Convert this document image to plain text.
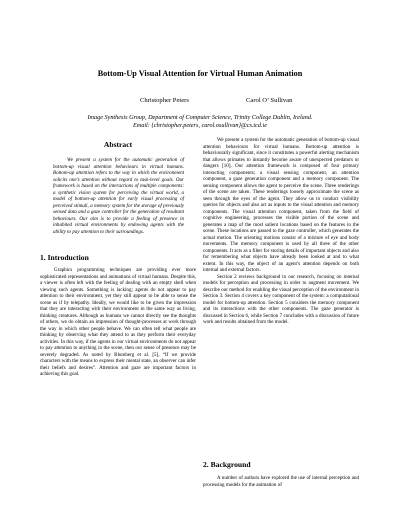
Bottom-Up Visual Attention for Virtual Human Animation
Christopher Peters	Carol O’ Sullivan
Image Synthesis Group, Department of Computer Science, Trinity College Dublin, Ireland.
Email: {christopher.peters, carol.osullivan}@cs.tcd.ie
Abstract

We present a system for the automatic generation of bottom-up visual attention behaviours in virtual humans. Bottom-up attention refers to the way in which the environment solicits one’s attention without regard to task-level goals. Our framework is based on the interactions of multiple components: a synthetic vision system for perceiving the virtual world, a model of bottom-up attention for early visual processing of perceived stimuli, a memory system for the storage of previously sensed data and a gaze controller for the generation of resultant behaviours. Our aim is to provide a feeling of presence in inhabited virtual environments by endowing agents with the ability to pay attention to their surroundings.

1. Introduction

Graphics programming techniques are providing ever more sophisticated representations and animations of virtual humans. Despite this, a viewer is often left with the feeling of dealing with an empty shell when viewing such agents. Something is lacking; agents do not appear to pay attention to their environment, yet they still appear to be able to sense the scene as if by telepathy. Ideally, we would like to be given the impression that they are interacting with their environment in the same way as living, thinking creatures. Although as humans we cannot directly see the thoughts of others, we do obtain an impression of thought-processes at work through the way in which other people behave. We can often tell what people are thinking by observing what they attend to as they perform their everyday activities. In this way, if the agents in our virtual environments do not appear to pay attention to anything in the scene, then our sense of presence may be severely degraded. As noted by Blumberg et al. [5], “If we provide characters with the means to express their mental state, an observer can infer their beliefs and desires”. Attention and gaze are important factors in achieving this goal.

We present a system for the automatic generation of bottom-up visual attention behaviours for virtual humans. Bottom-up attention is behaviourally significant, since it constitutes a powerful alerting mechanism that allows primates to instantly become aware of unexpected predators or dangers [10]. Our attention framework is composed of four primary interacting components; a visual sensing component, an attention component, a gaze generation component and a memory component. The sensing component allows the agent to perceive the scene. Three renderings of the scene are taken. These renderings loosely approximate the scene as seen through the eyes of the agent. They allow us to conduct visibility queries for objects and also act as inputs to the visual attention and memory components. The visual attention component, taken from the field of cognitive engineering, processes the visible portion of the scene and generates a map of the most salient locations based on the features in the scene. These locations are passed to the gaze controller, which generates the actual motion. The orienting motions consist of a mixture of eye and body movements. The memory component is used by all three of the other components. It acts as a filter for storing details of important objects and also for remembering what objects have already been looked at and to what extent. In this way, the object of an agent’s attention depends on both internal and external factors.

Section 2 reviews background to our research, focusing on internal models for perception and processing in order to augment movement. We describe our method for enabling the visual perception of the environment in Section 3. Section 4 covers a key component of the system: a computational model for bottom-up attention. Section 5 considers the memory component and its interactions with the other components. The gaze generator is discussed in Section 6, while Section 7 concludes with a discussion of future work and results obtained from the model.

2. Background

A number of authors have explored the use of internal perception and processing models for the animation of
